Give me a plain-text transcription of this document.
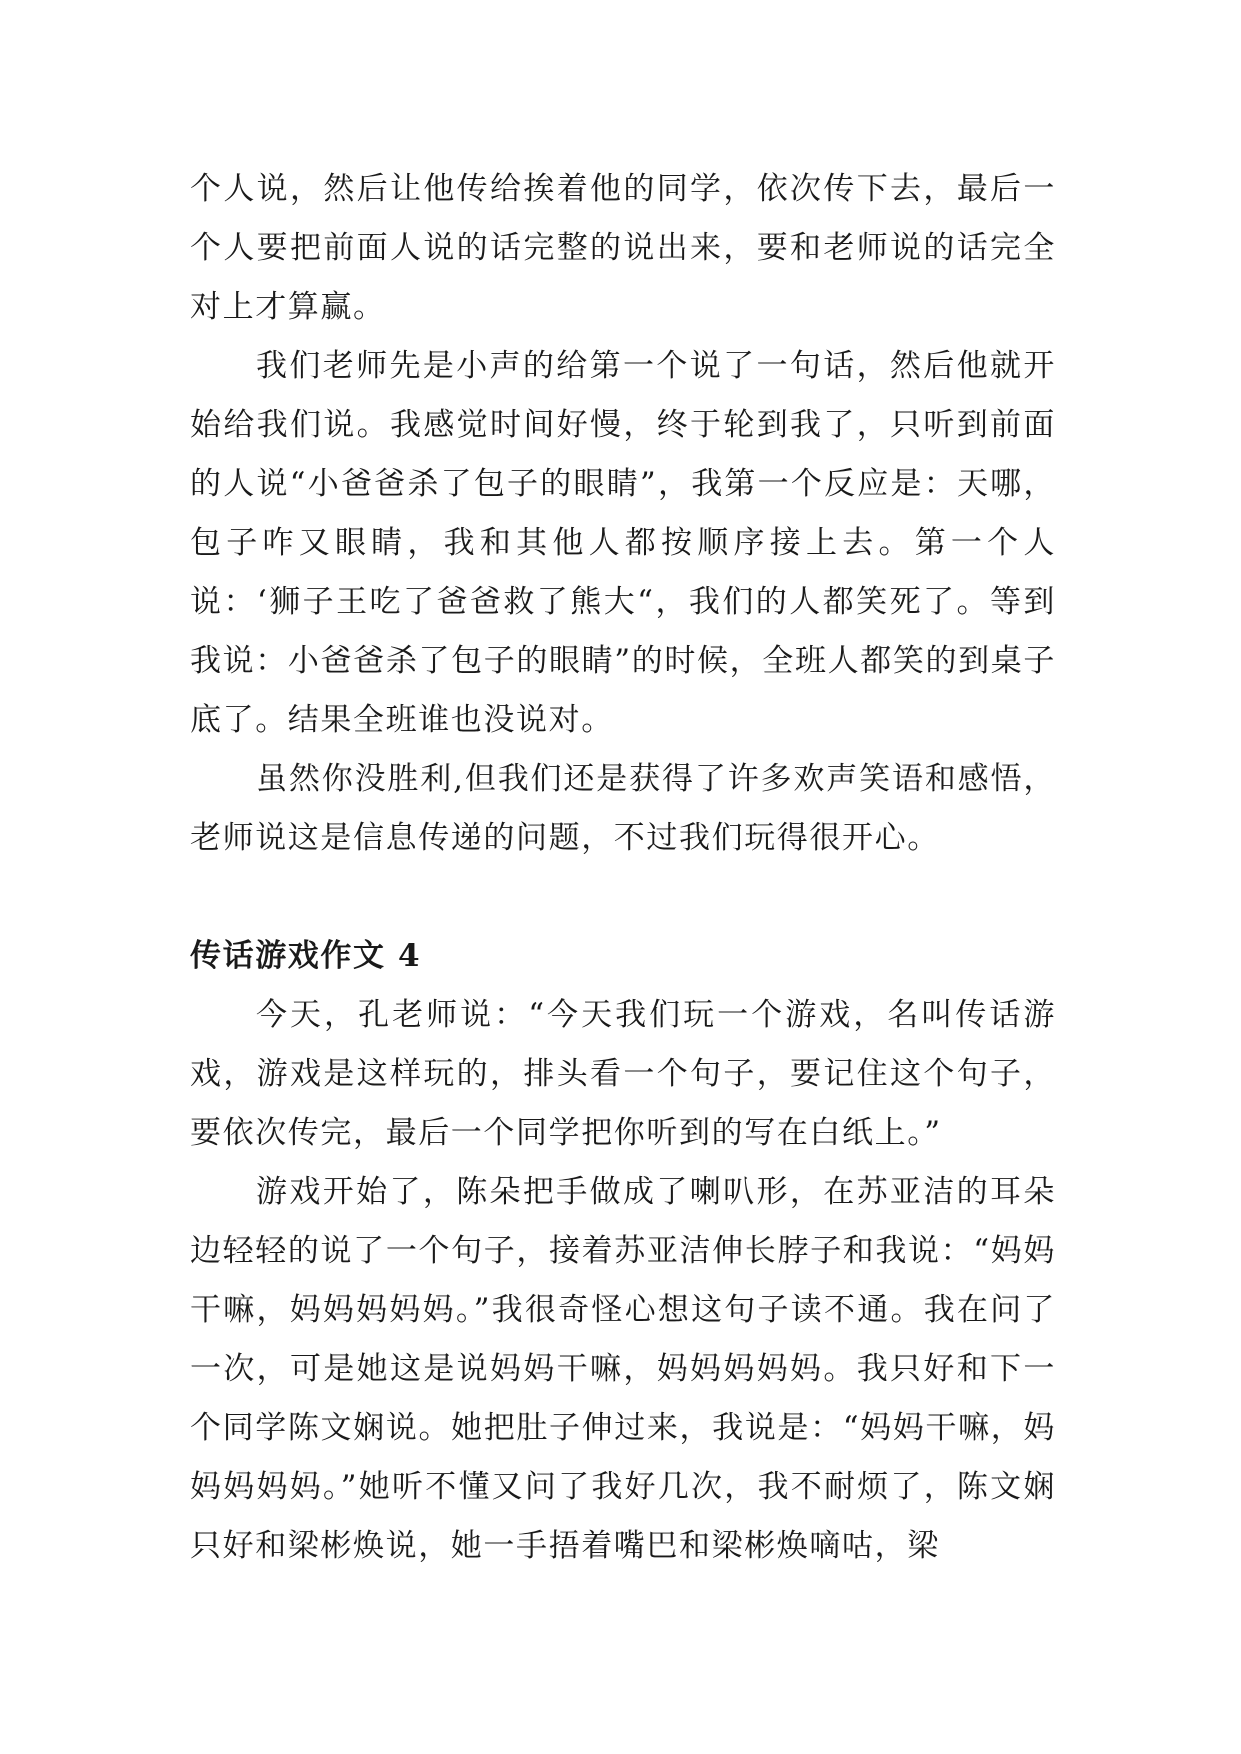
个人说，然后让他传给挨着他的同学，依次传下去，最后一个人要把前面人说的话完整的说出来，要和老师说的话完全对上才算赢。

我们老师先是小声的给第一个说了一句话，然后他就开始给我们说。我感觉时间好慢，终于轮到我了，只听到前面的人说“小爸爸杀了包子的眼睛”，我第一个反应是：天哪，包子咋又眼睛，我和其他人都按顺序接上去。第一个人说：‘狮子王吃了爸爸救了熊大“，我们的人都笑死了。等到我说：小爸爸杀了包子的眼睛”的时候，全班人都笑的到桌子底了。结果全班谁也没说对。

虽然你没胜利,但我们还是获得了许多欢声笑语和感悟，老师说这是信息传递的问题，不过我们玩得很开心。

传话游戏作文 4

今天，孔老师说：“今天我们玩一个游戏，名叫传话游戏，游戏是这样玩的，排头看一个句子，要记住这个句子，要依次传完，最后一个同学把你听到的写在白纸上。”

游戏开始了，陈朵把手做成了喇叭形，在苏亚洁的耳朵边轻轻的说了一个句子，接着苏亚洁伸长脖子和我说：“妈妈干嘛，妈妈妈妈妈。”我很奇怪心想这句子读不通。我在问了一次，可是她这是说妈妈干嘛，妈妈妈妈妈。我只好和下一个同学陈文娴说。她把肚子伸过来，我说是：“妈妈干嘛，妈妈妈妈妈。”她听不懂又问了我好几次，我不耐烦了，陈文娴只好和梁彬焕说，她一手捂着嘴巴和梁彬焕嘀咕，梁
